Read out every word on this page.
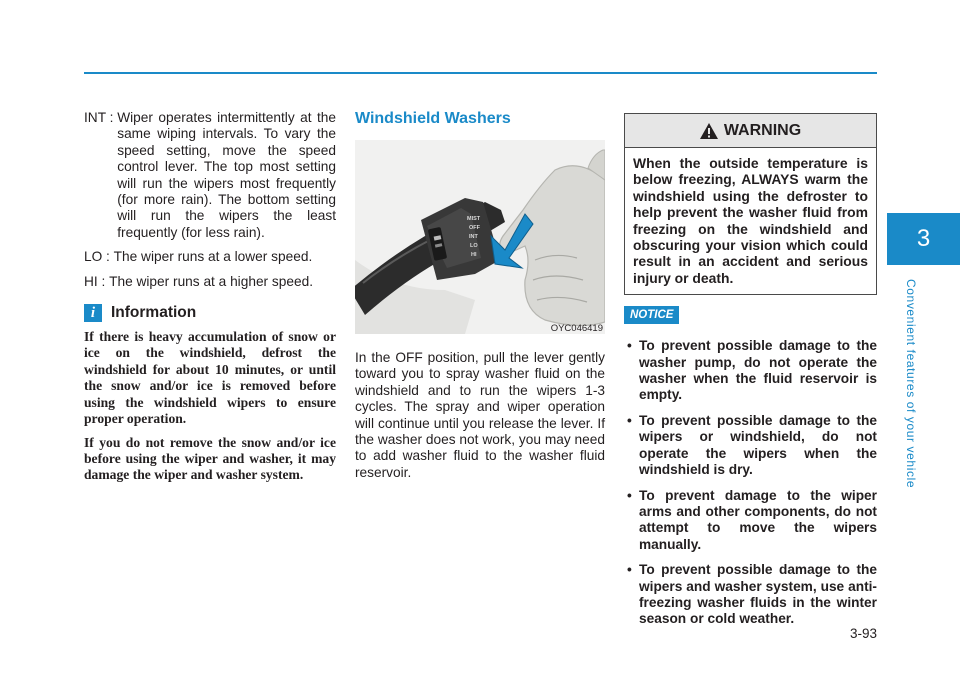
3
Convenient features of your vehicle
INT : Wiper operates intermittently at the same wiping intervals. To vary the speed setting, move the speed control lever. The top most setting will run the wipers most frequently (for more rain). The bottom setting will run the wipers the least frequently (for less rain).
LO : The wiper runs at a lower speed.
HI : The wiper runs at a higher speed.
i	Information

If there is heavy accumulation of snow or ice on the windshield, defrost the windshield for about 10 minutes, or until the snow and/or ice is removed before using the windshield wipers to ensure proper operation.

If you do not remove the snow and/or ice before using the wiper and washer, it may damage the wiper and washer system.

Windshield Washers
MIST
OFF
INT
LO
HI
OYC046419

In the OFF position, pull the lever gently toward you to spray washer fluid on the windshield and to run the wipers 1-3 cycles. The spray and wiper operation will continue until you release the lever. If the washer does not work, you may need to add washer fluid to the washer fluid reservoir.

WARNING

When the outside temperature is below freezing, ALWAYS warm the windshield using the defroster to help prevent the washer fluid from freezing on the windshield and obscuring your vision which could result in an accident and serious injury or death.

NOTICE
• To prevent possible damage to the washer pump, do not operate the washer when the fluid reservoir is empty.
• To prevent possible damage to the wipers or windshield, do not operate the wipers when the windshield is dry.
• To prevent damage to the wiper arms and other components, do not attempt to move the wipers manually.
• To prevent possible damage to the wipers and washer system, use anti-freezing washer fluids in the winter season or cold weather.
3-93
